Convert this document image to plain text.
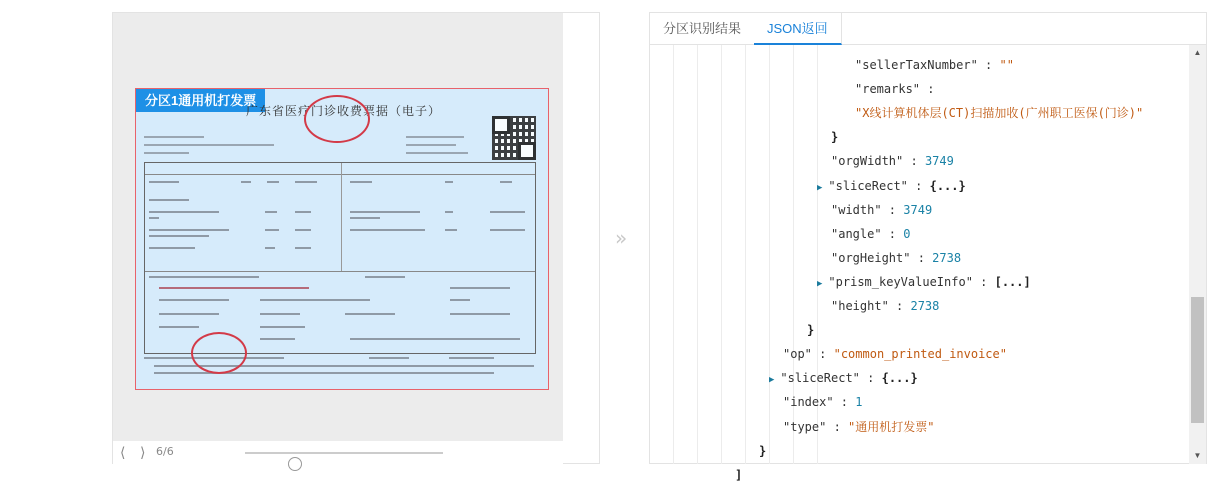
分区1通用机打发票
广东省医疗门诊收费票据（电子）
⟨ ⟩ 6/6
»
分区识别结果	JSON返回
"sellerTaxNumber" : ""
"remarks" :
"X线计算机体层(CT)扫描加收(广州职工医保(门诊)"
}
"orgWidth" : 3749
▶ "sliceRect" : {...}
"width" : 3749
"angle" : 0
"orgHeight" : 2738
▶ "prism_keyValueInfo" : [...]
"height" : 2738
}
"op" : "common_printed_invoice"
▶ "sliceRect" : {...}
"index" : 1
"type" : "通用机打发票"
}
]
▲
▼
